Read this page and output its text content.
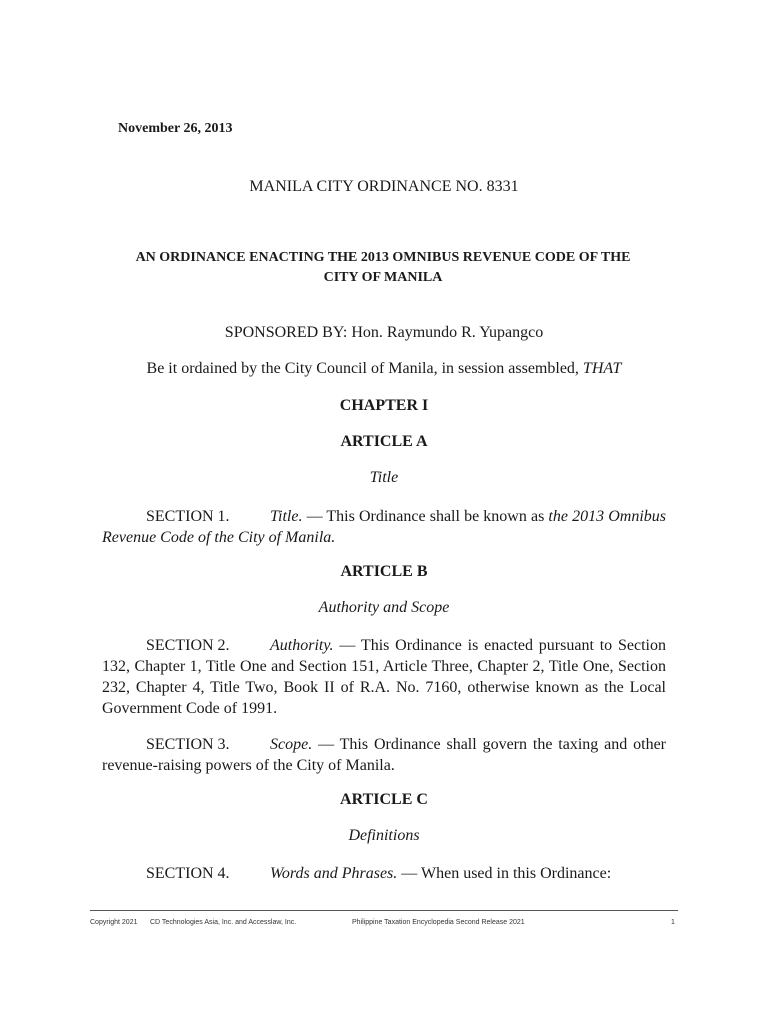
November 26, 2013
MANILA CITY ORDINANCE NO. 8331
AN ORDINANCE ENACTING THE 2013 OMNIBUS REVENUE CODE OF THE
CITY OF MANILA
SPONSORED BY: Hon. Raymundo R. Yupangco
Be it ordained by the City Council of Manila, in session assembled, THAT
CHAPTER I
ARTICLE A
Title
SECTION 1.	Title. — This Ordinance shall be known as the 2013 Omnibus Revenue Code of the City of Manila.
ARTICLE B
Authority and Scope
SECTION 2.	Authority. — This Ordinance is enacted pursuant to Section 132, Chapter 1, Title One and Section 151, Article Three, Chapter 2, Title One, Section 232, Chapter 4, Title Two, Book II of R.A. No. 7160, otherwise known as the Local Government Code of 1991.
SECTION 3.	Scope. — This Ordinance shall govern the taxing and other revenue-raising powers of the City of Manila.
ARTICLE C
Definitions
SECTION 4.	Words and Phrases. — When used in this Ordinance:
Copyright 2021 CD Technologies Asia, Inc. and Accesslaw, Inc.	Philippine Taxation Encyclopedia Second Release 2021	1
